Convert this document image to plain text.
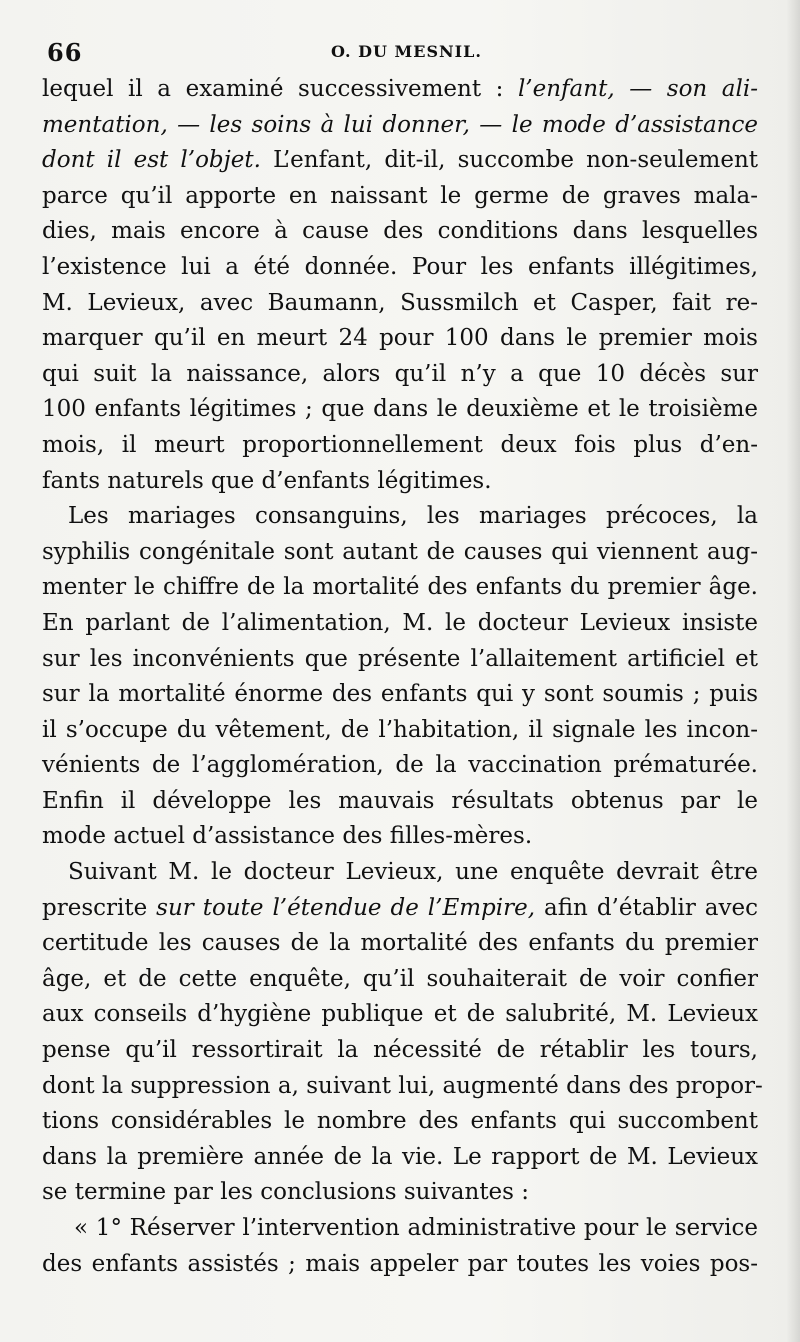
66	O. DU MESNIL.
lequel il a examiné successivement : l’enfant, — son ali-
mentation, — les soins à lui donner, — le mode d’assistance
dont il est l’objet. L’enfant, dit-il, succombe non-seulement
parce qu’il apporte en naissant le germe de graves mala-
dies, mais encore à cause des conditions dans lesquelles
l’existence lui a été donnée. Pour les enfants illégitimes,
M. Levieux, avec Baumann, Sussmilch et Casper, fait re-
marquer qu’il en meurt 24 pour 100 dans le premier mois
qui suit la naissance, alors qu’il n’y a que 10 décès sur
100 enfants légitimes ; que dans le deuxième et le troisième
mois, il meurt proportionnellement deux fois plus d’en-
fants naturels que d’enfants légitimes.
Les mariages consanguins, les mariages précoces, la
syphilis congénitale sont autant de causes qui viennent aug-
menter le chiffre de la mortalité des enfants du premier âge.
En parlant de l’alimentation, M. le docteur Levieux insiste
sur les inconvénients que présente l’allaitement artificiel et
sur la mortalité énorme des enfants qui y sont soumis ; puis
il s’occupe du vêtement, de l’habitation, il signale les incon-
vénients de l’agglomération, de la vaccination prématurée.
Enfin il développe les mauvais résultats obtenus par le
mode actuel d’assistance des filles-mères.
Suivant M. le docteur Levieux, une enquête devrait être
prescrite sur toute l’étendue de l’Empire, afin d’établir avec
certitude les causes de la mortalité des enfants du premier
âge, et de cette enquête, qu’il souhaiterait de voir confier
aux conseils d’hygiène publique et de salubrité, M. Levieux
pense qu’il ressortirait la nécessité de rétablir les tours,
dont la suppression a, suivant lui, augmenté dans des propor-
tions considérables le nombre des enfants qui succombent
dans la première année de la vie. Le rapport de M. Levieux
se termine par les conclusions suivantes :
« 1° Réserver l’intervention administrative pour le service
des enfants assistés ; mais appeler par toutes les voies pos-
